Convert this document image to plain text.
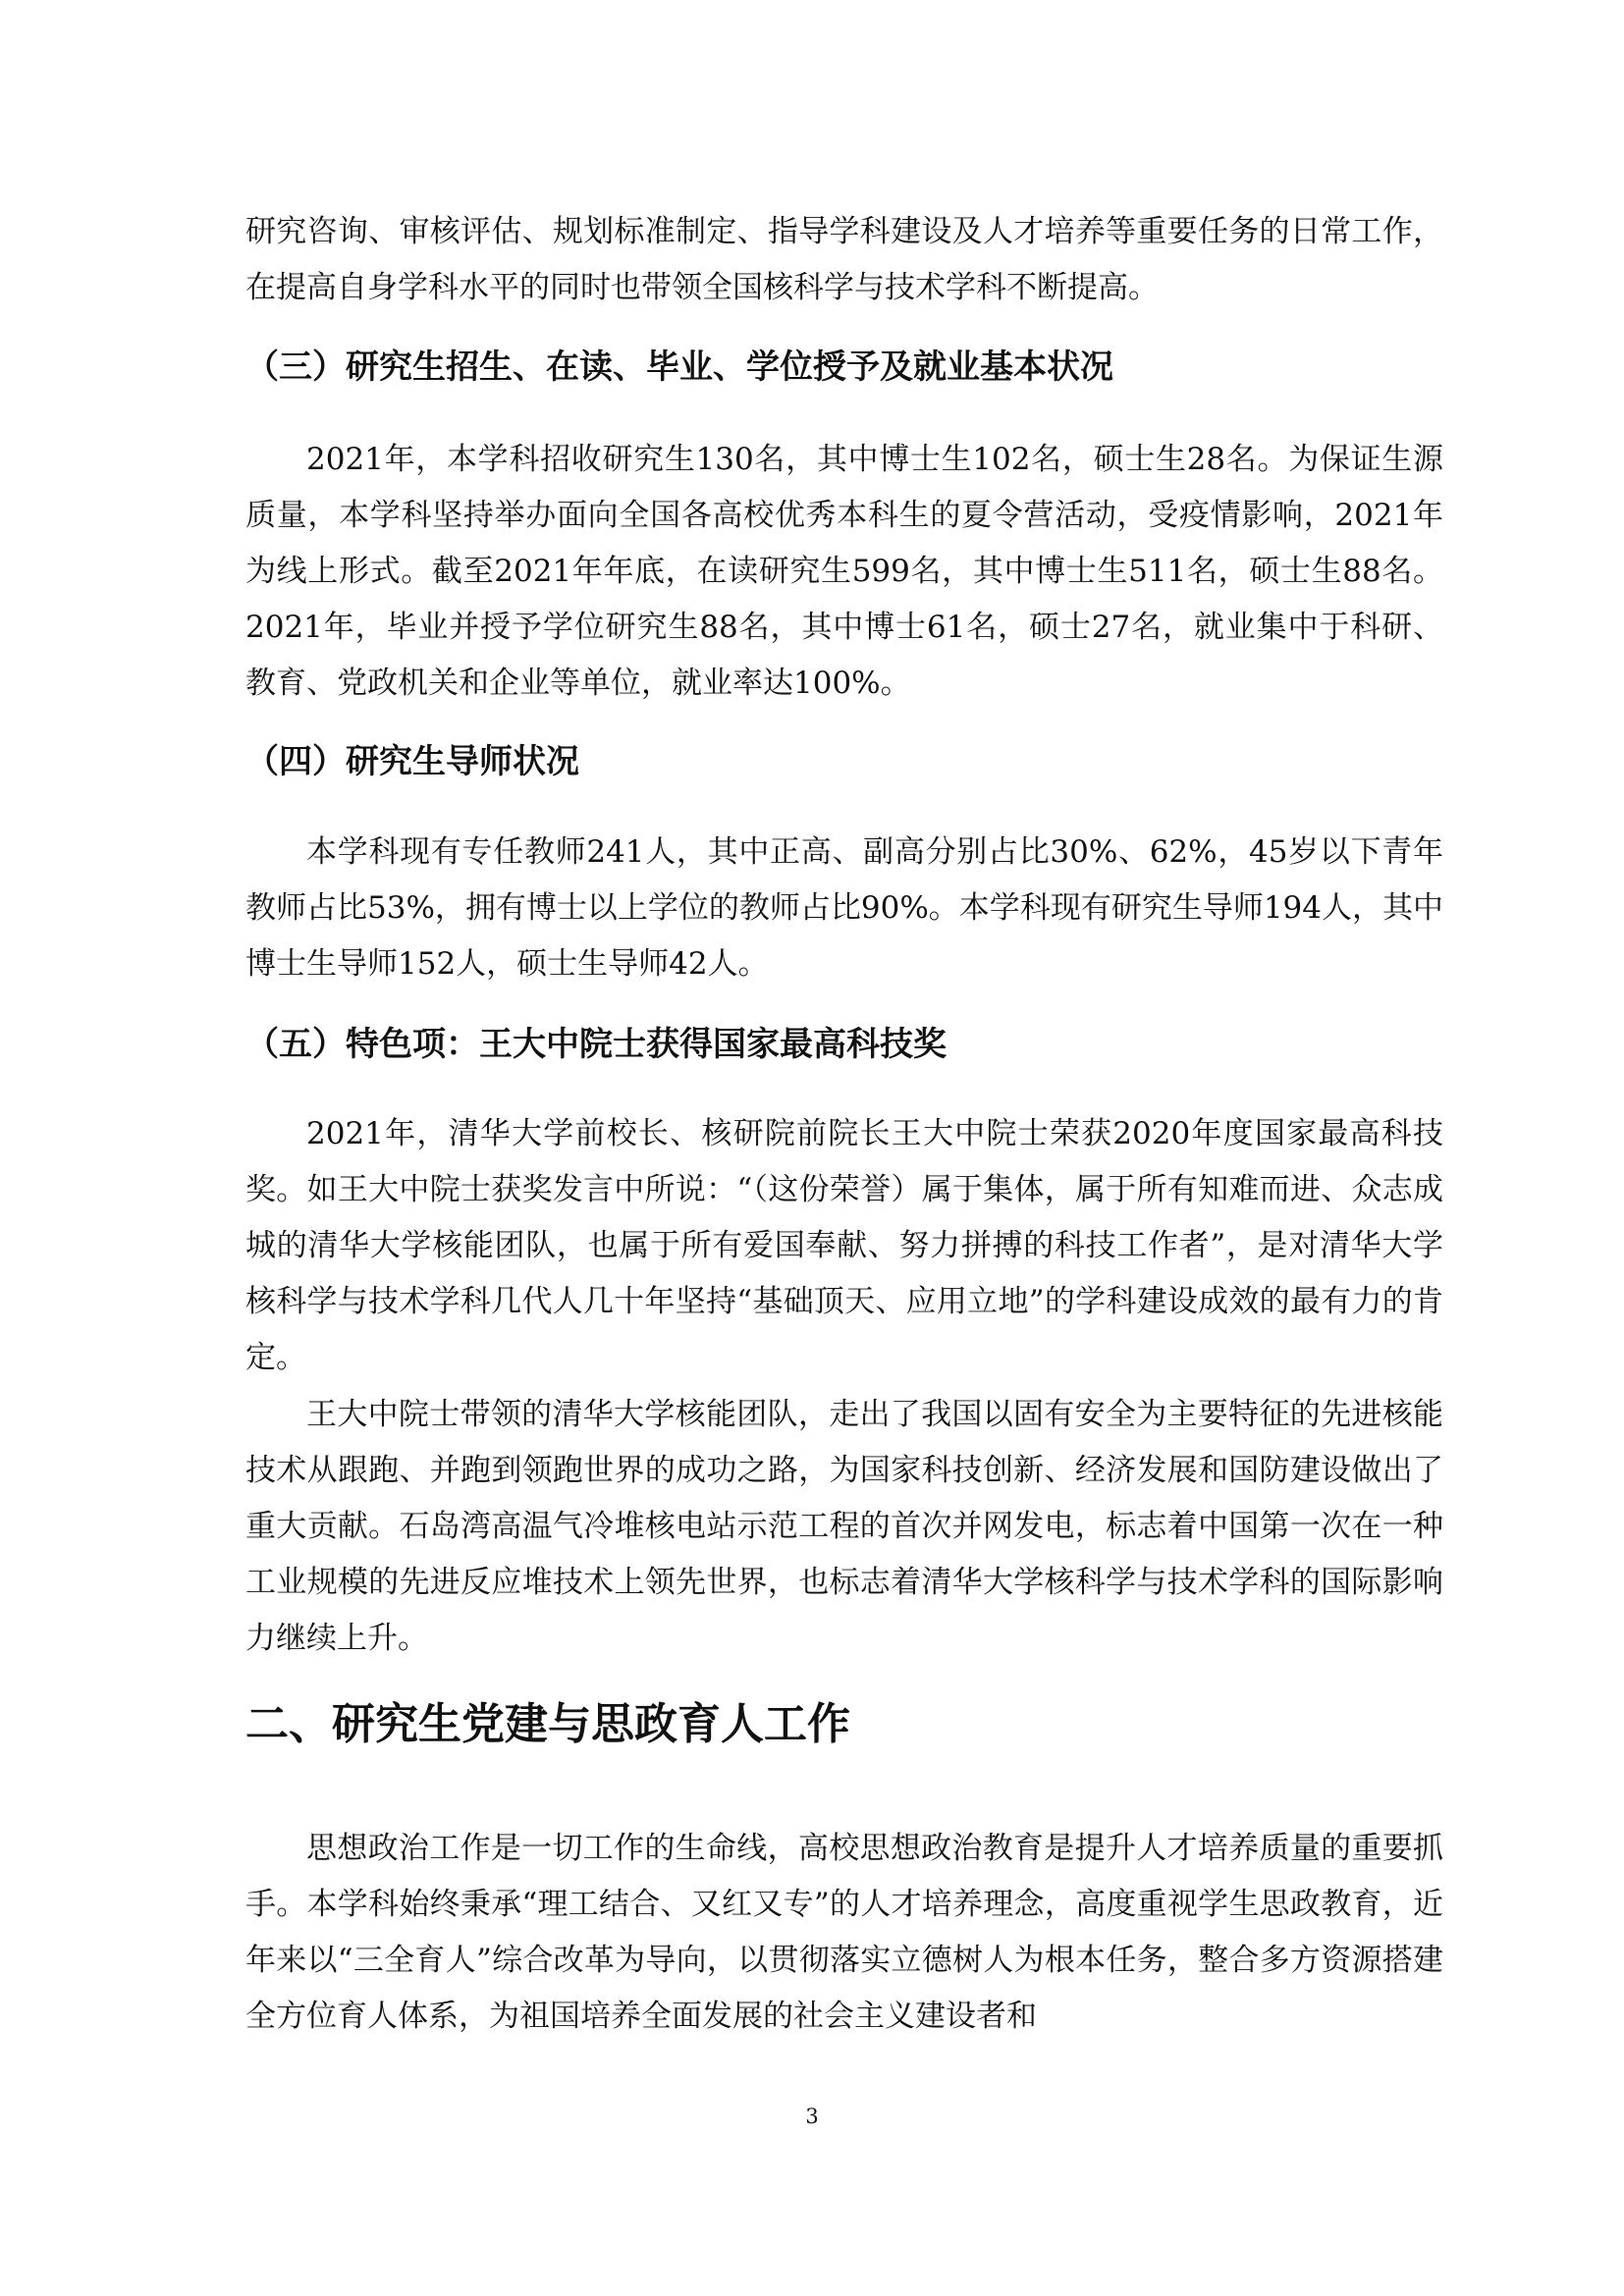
研究咨询、审核评估、规划标准制定、指导学科建设及人才培养等重要任务的日常工作，在提高自身学科水平的同时也带领全国核科学与技术学科不断提高。

（三）研究生招生、在读、毕业、学位授予及就业基本状况

2021年，本学科招收研究生130名，其中博士生102名，硕士生28名。为保证生源质量，本学科坚持举办面向全国各高校优秀本科生的夏令营活动，受疫情影响，2021年为线上形式。截至2021年年底，在读研究生599名，其中博士生511名，硕士生88名。2021年，毕业并授予学位研究生88名，其中博士61名，硕士27名，就业集中于科研、教育、党政机关和企业等单位，就业率达100%。

（四）研究生导师状况

本学科现有专任教师241人，其中正高、副高分别占比30%、62%，45岁以下青年教师占比53%，拥有博士以上学位的教师占比90%。本学科现有研究生导师194人，其中博士生导师152人，硕士生导师42人。

（五）特色项：王大中院士获得国家最高科技奖

2021年，清华大学前校长、核研院前院长王大中院士荣获2020年度国家最高科技奖。如王大中院士获奖发言中所说：“（这份荣誉）属于集体，属于所有知难而进、众志成城的清华大学核能团队，也属于所有爱国奉献、努力拼搏的科技工作者”，是对清华大学核科学与技术学科几代人几十年坚持“基础顶天、应用立地”的学科建设成效的最有力的肯定。

王大中院士带领的清华大学核能团队，走出了我国以固有安全为主要特征的先进核能技术从跟跑、并跑到领跑世界的成功之路，为国家科技创新、经济发展和国防建设做出了重大贡献。石岛湾高温气冷堆核电站示范工程的首次并网发电，标志着中国第一次在一种工业规模的先进反应堆技术上领先世界，也标志着清华大学核科学与技术学科的国际影响力继续上升。

二、研究生党建与思政育人工作

思想政治工作是一切工作的生命线，高校思想政治教育是提升人才培养质量的重要抓手。本学科始终秉承“理工结合、又红又专”的人才培养理念，高度重视学生思政教育，近年来以“三全育人”综合改革为导向，以贯彻落实立德树人为根本任务，整合多方资源搭建全方位育人体系，为祖国培养全面发展的社会主义建设者和

3
